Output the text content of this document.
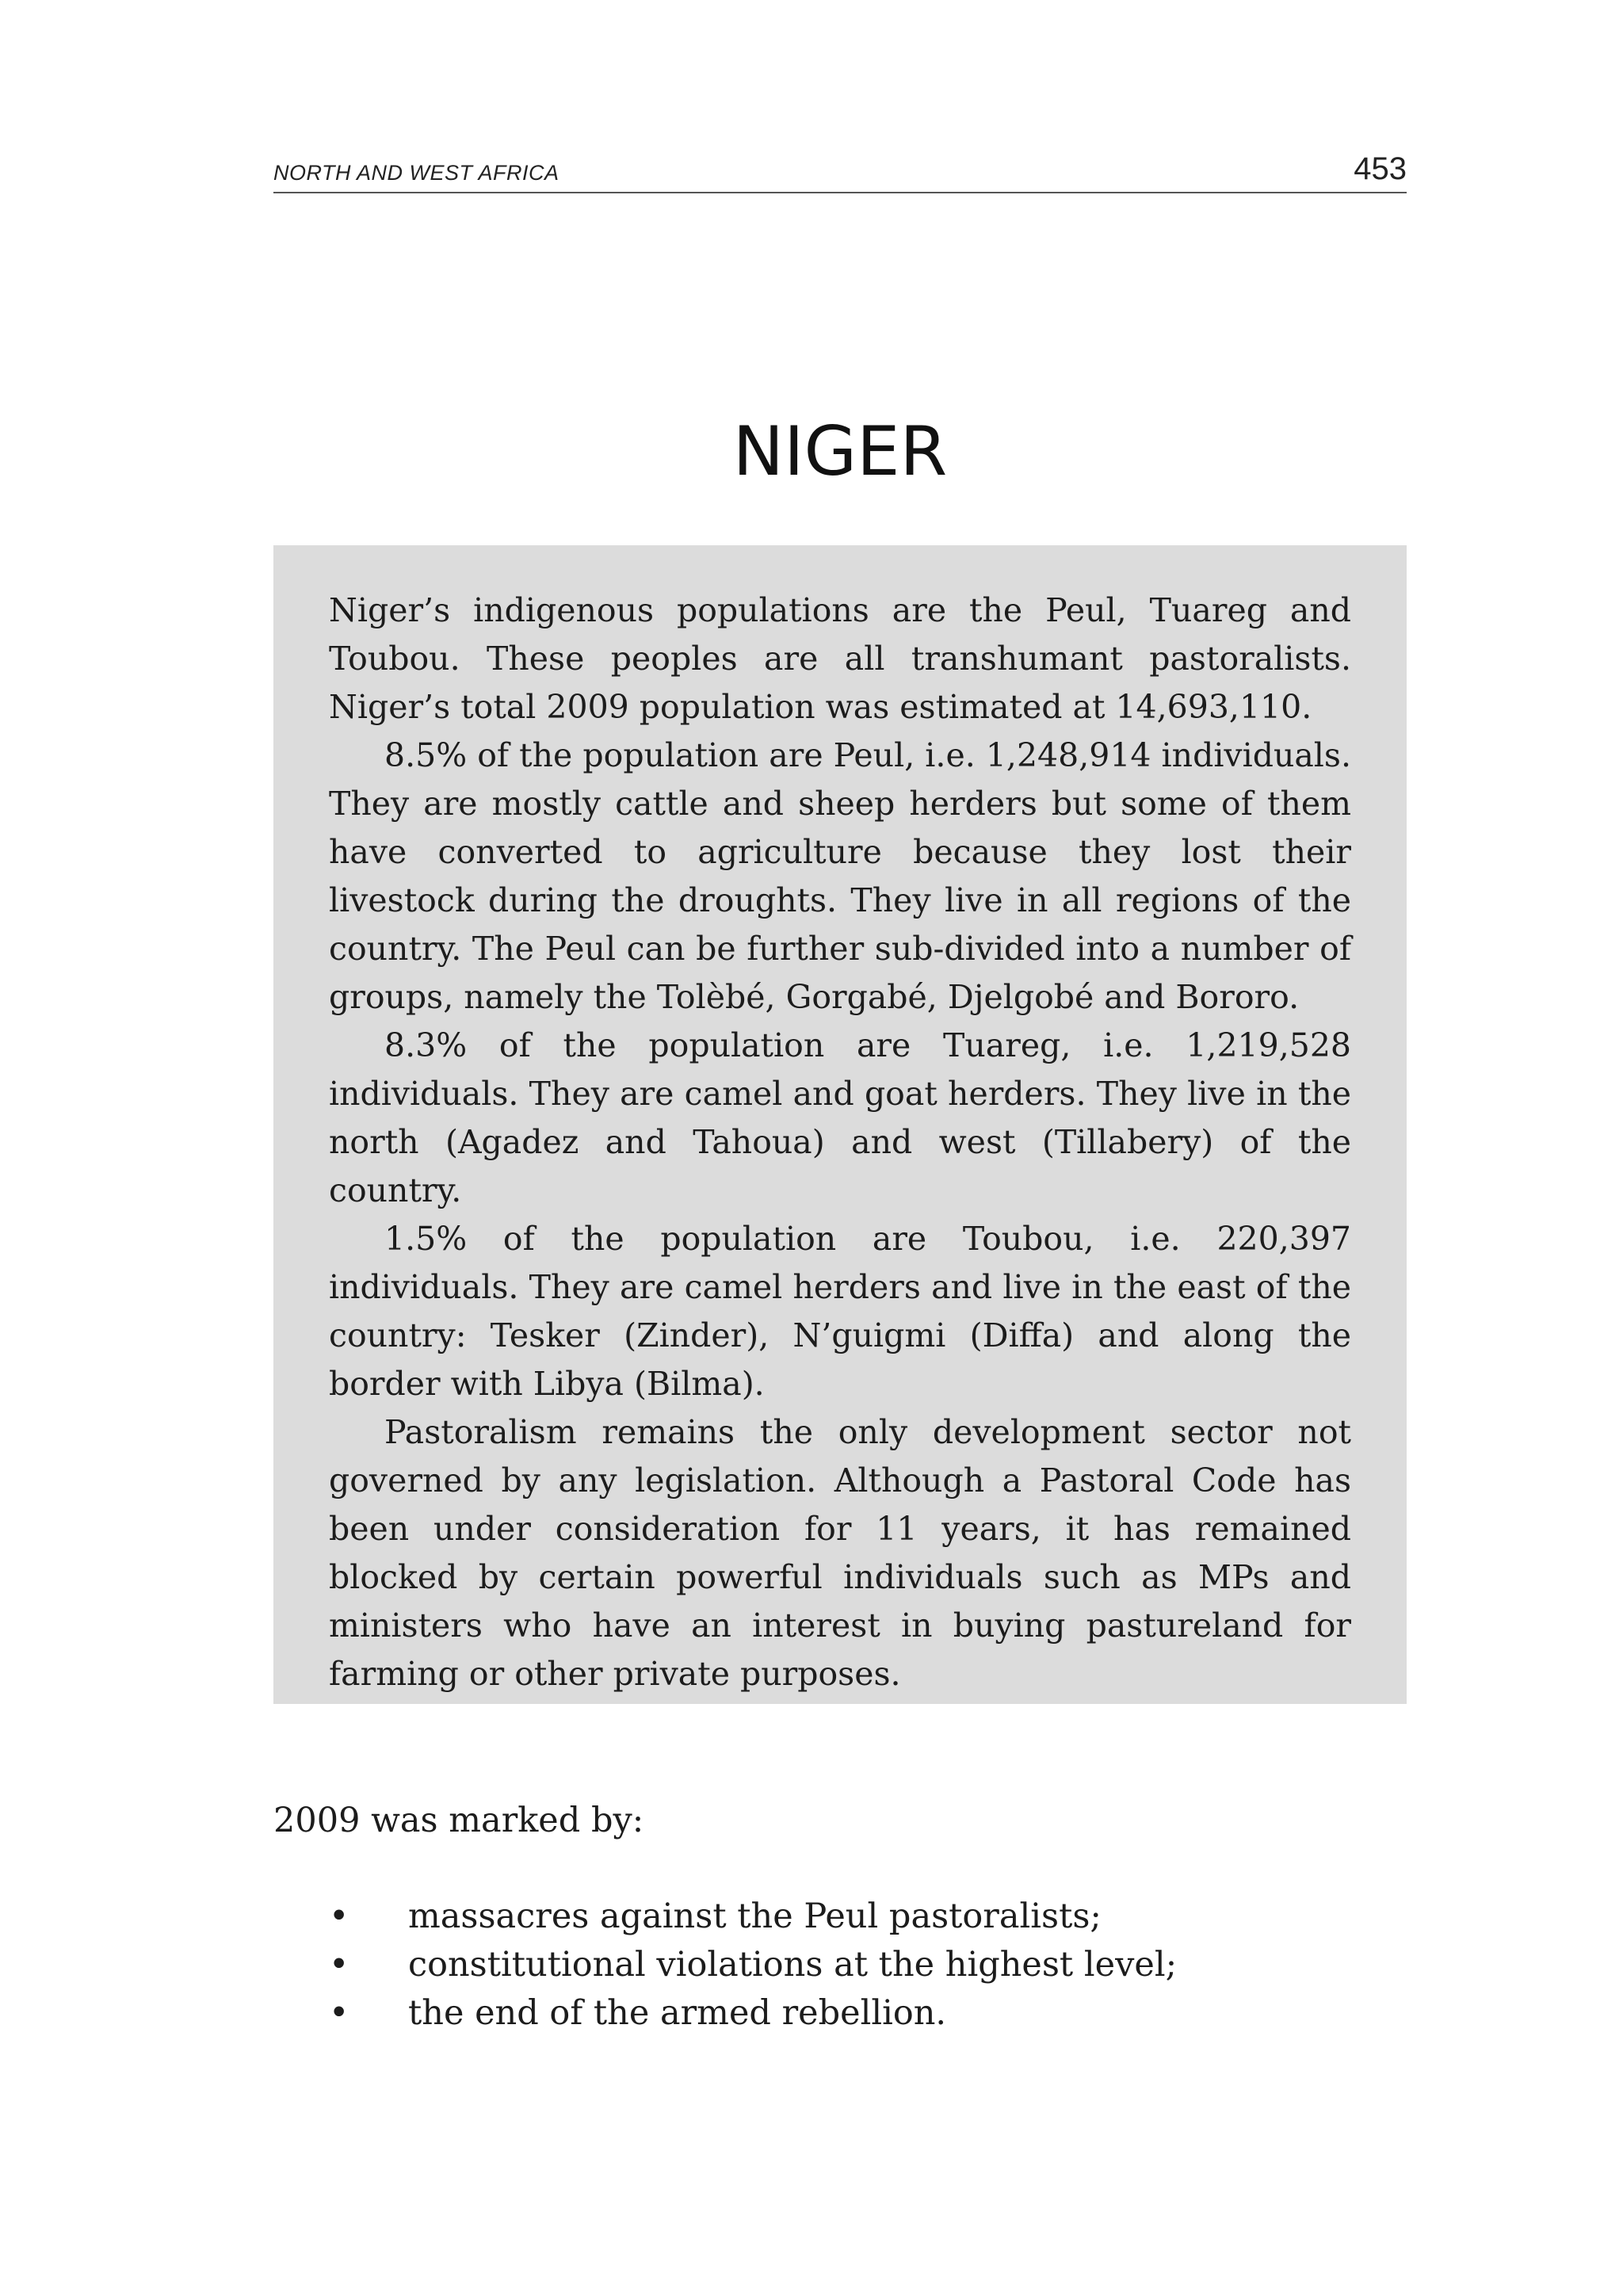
NORTH AND WEST AFRICA	453
NIGER

Niger’s indigenous populations are the Peul, Tuareg and Toubou. These peoples are all transhumant pastoralists. Niger’s total 2009 population was estimated at 14,693,110.

8.5% of the population are Peul, i.e. 1,248,914 individuals. They are mostly cattle and sheep herders but some of them have converted to agriculture because they lost their livestock during the droughts. They live in all regions of the country. The Peul can be further sub-divided into a number of groups, namely the Tolèbé, Gorgabé, Djelgobé and Bororo.

8.3% of the population are Tuareg, i.e. 1,219,528 individuals. They are camel and goat herders. They live in the north (Agadez and Tahoua) and west (Tillabery) of the country.

1.5% of the population are Toubou, i.e. 220,397 individuals. They are camel herders and live in the east of the country: Tesker (Zinder), N’guigmi (Diffa) and along the border with Libya (Bilma).

Pastoralism remains the only development sector not governed by any legislation. Although a Pastoral Code has been under consideration for 11 years, it has remained blocked by certain powerful individuals such as MPs and ministers who have an interest in buying pastureland for farming or other private purposes.

2009 was marked by:
• massacres against the Peul pastoralists;
• constitutional violations at the highest level;
• the end of the armed rebellion.
